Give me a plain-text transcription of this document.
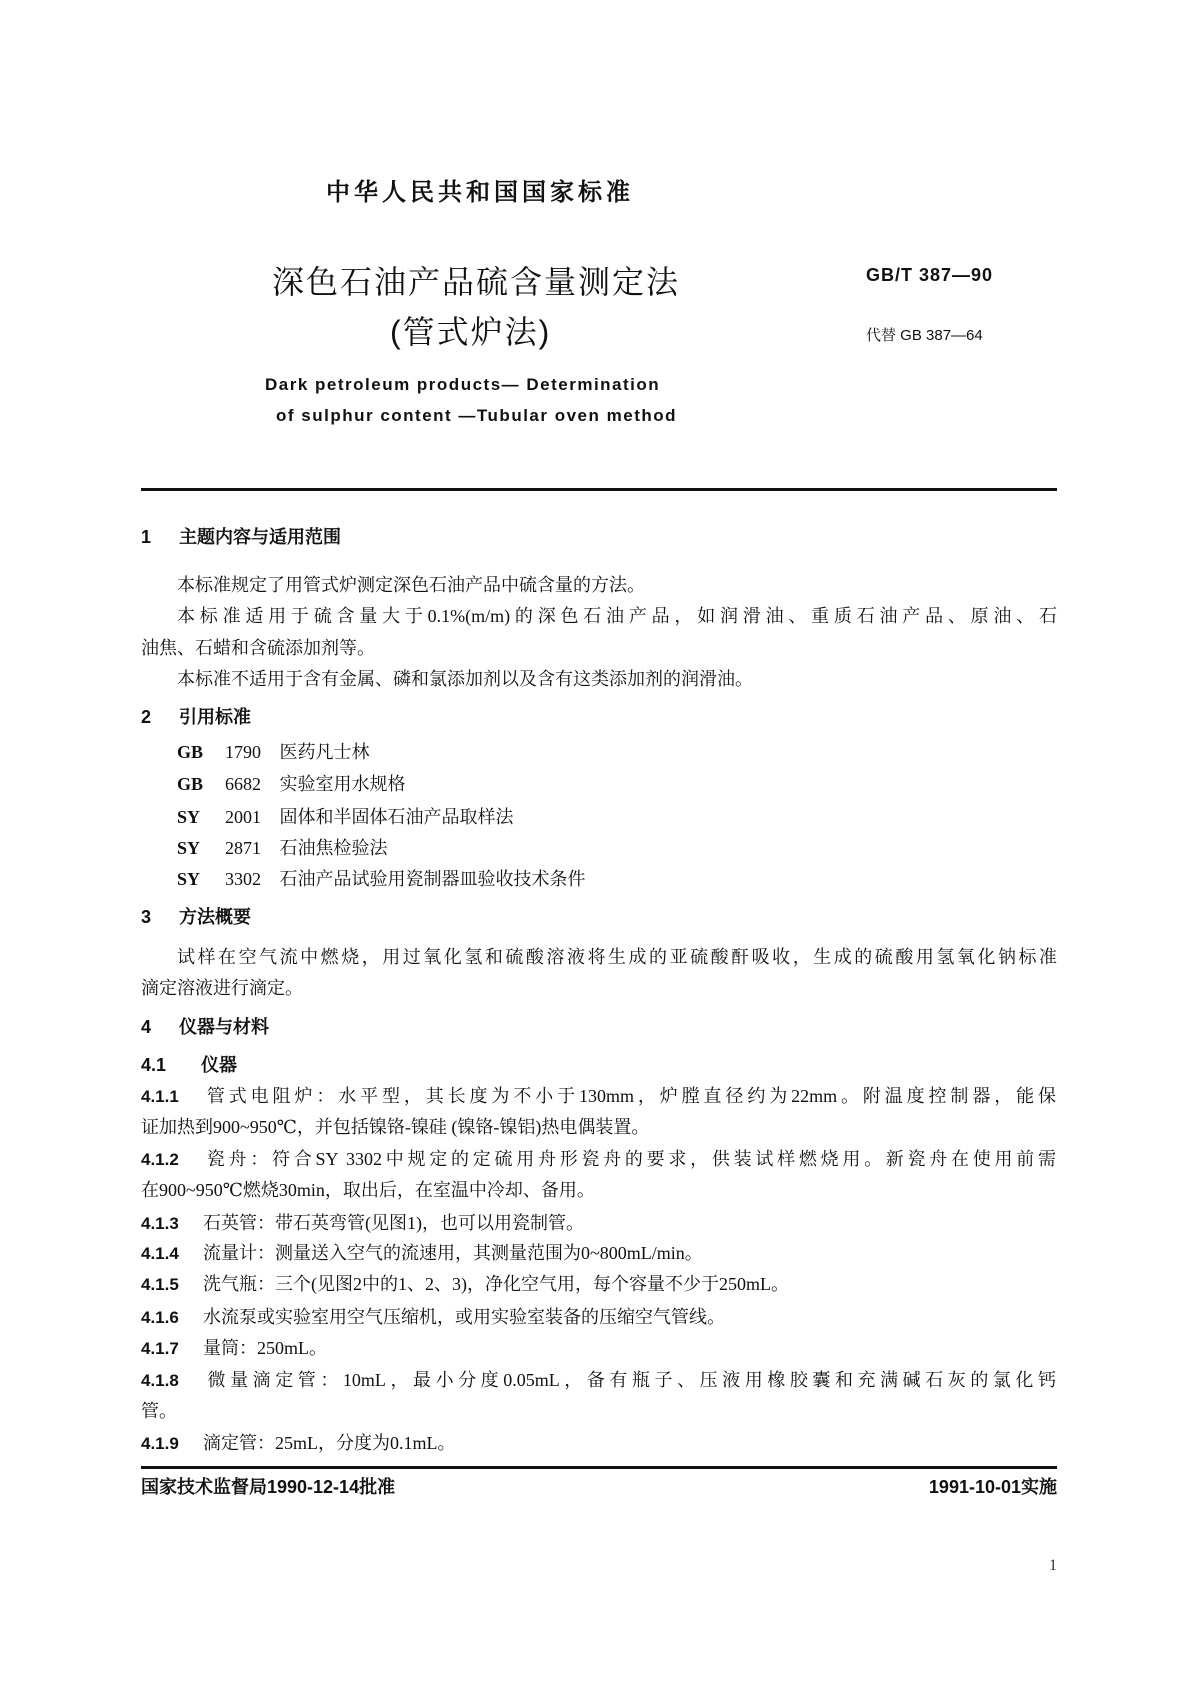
中华人民共和国国家标准
深色石油产品硫含量测定法
(管式炉法)
GB/T 387—90
代替 GB 387—64
Dark petroleum products— Determination
of sulphur content —Tubular oven method
1 主题内容与适用范围
本标准规定了用管式炉测定深色石油产品中硫含量的方法。
本标准适用于硫含量大于0.1%(m/m)的深色石油产品，如润滑油、重质石油产品、原油、石
油焦、石蜡和含硫添加剂等。
本标准不适用于含有金属、磷和氯添加剂以及含有这类添加剂的润滑油。
2 引用标准
GB 1790 医药凡士林
GB 6682 实验室用水规格
SY 2001 固体和半固体石油产品取样法
SY 2871 石油焦检验法
SY 3302 石油产品试验用瓷制器皿验收技术条件
3 方法概要
试样在空气流中燃烧，用过氧化氢和硫酸溶液将生成的亚硫酸酐吸收，生成的硫酸用氢氧化钠标准
滴定溶液进行滴定。
4 仪器与材料
4.1 仪器
4.1.1 管式电阻炉：水平型，其长度为不小于130mm，炉膛直径约为22mm。附温度控制器，能保
证加热到900~950℃，并包括镍铬-镍硅 (镍铬-镍铝)热电偶装置。
4.1.2 瓷舟：符合SY 3302中规定的定硫用舟形瓷舟的要求，供装试样燃烧用。新瓷舟在使用前需
在900~950℃燃烧30min，取出后，在室温中冷却、备用。
4.1.3 石英管：带石英弯管(见图1)，也可以用瓷制管。
4.1.4 流量计：测量送入空气的流速用，其测量范围为0~800mL/min。
4.1.5 洗气瓶：三个(见图2中的1、2、3)，净化空气用，每个容量不少于250mL。
4.1.6 水流泵或实验室用空气压缩机，或用实验室装备的压缩空气管线。
4.1.7 量筒：250mL。
4.1.8 微量滴定管：10mL，最小分度0.05mL，备有瓶子、压液用橡胶囊和充满碱石灰的氯化钙
管。
4.1.9 滴定管：25mL，分度为0.1mL。
国家技术监督局1990-12-14批准	1991-10-01实施
1
